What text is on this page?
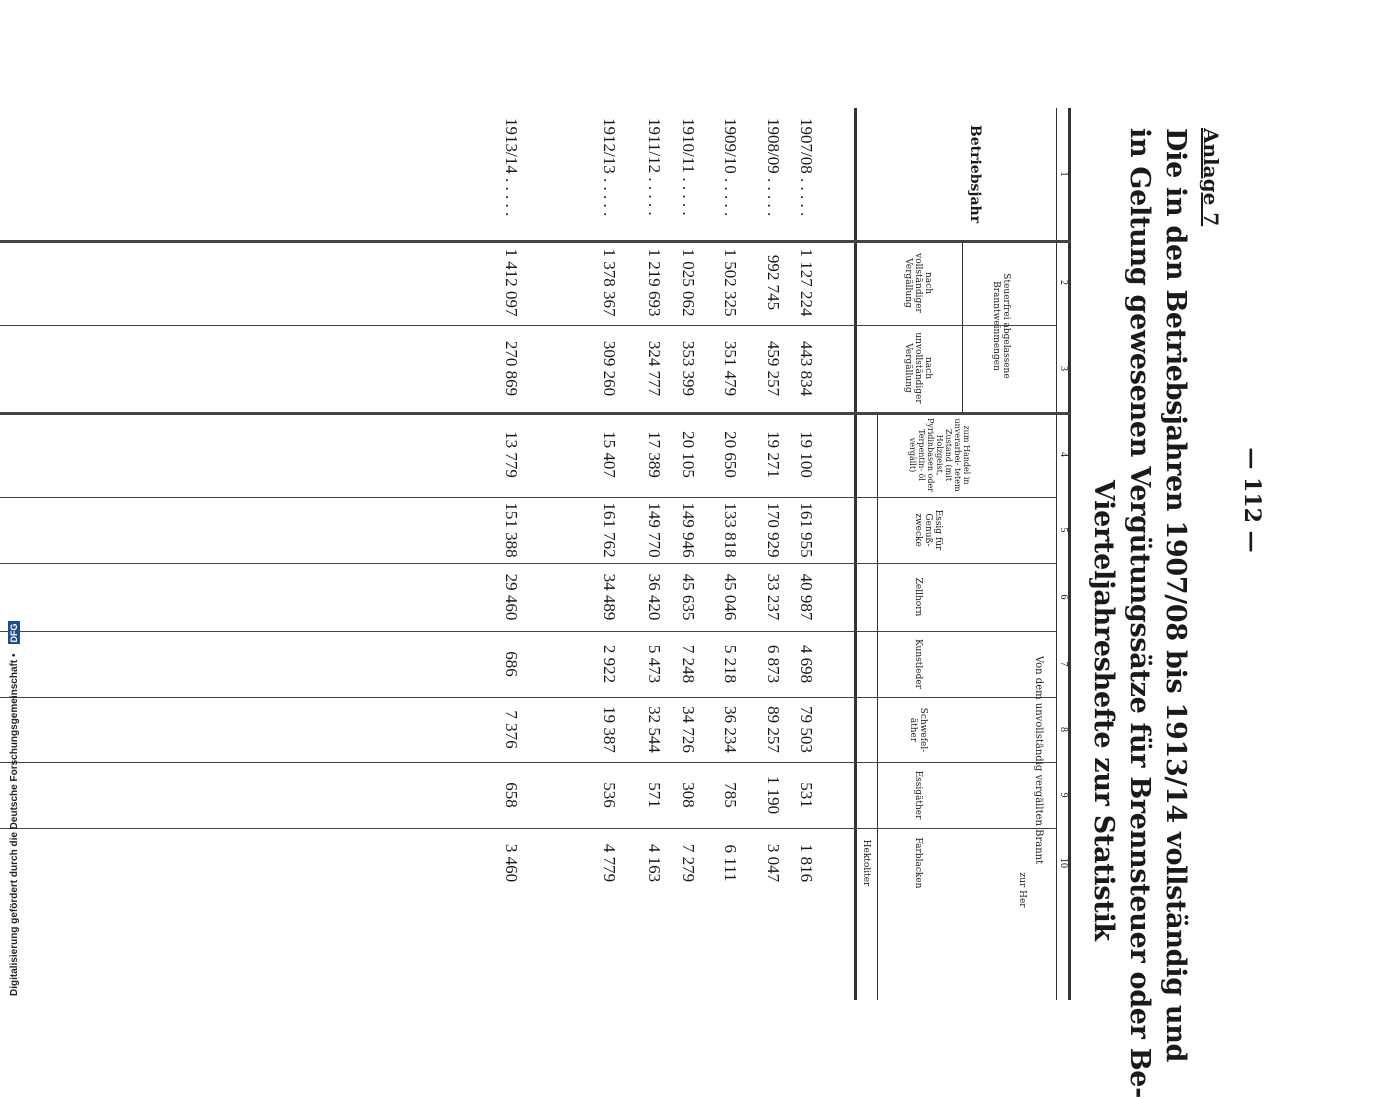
— 112 —
Anlage 7
Die in den Betriebsjahren 1907/08 bis 1913/14 vollständig und
in Geltung gewesenen Vergütungssätze für Brennsteuer oder Be-
Vierteljahreshefte zur Statistik
1
2
3
4
5
6
7
8
9
10
Betriebsjahr
Steuerfrei abgelassene Branntweinmengen
nach vollständiger Vergällung
nach unvollständiger Vergällung
Von dem unvollständig vergällten Brannt
zur Her
zum Handel in unverarbei- tetem Zustand (mit Holzgeist, Pyridinbasen oder Terpentin- öl vergällt)
Essig für Genuß- zwecke
Zellhorn
Kunstleder
Schwefel- äther
Essigäther
Farblacken
Hektoliter
1907/08 . . . . .
1 127 224
443 834
19 100
161 955
40 987
4 698
79 503
531
1 816
1908/09 . . . . .
992 745
459 257
19 271
170 929
33 237
6 873
89 257
1 190
3 047
1909/10 . . . . .
1 502 325
351 479
20 650
133 818
45 046
5 218
36 234
785
6 111
1910/11 . . . . .
1 025 062
353 399
20 105
149 946
45 635
7 248
34 726
308
7 279
1911/12 . . . . .
1 219 693
324 777
17 389
149 770
36 420
5 473
32 544
571
4 163
1912/13 . . . . .
1 378 367
309 260
15 407
161 762
34 489
2 922
19 387
536
4 779
1913/14 . . . . .
1 412 097
270 869
13 779
151 388
29 460
686
7 376
658
3 460
Digitalisierung gefördert durch die Deutsche Forschungsgemeinschaft • DFG
